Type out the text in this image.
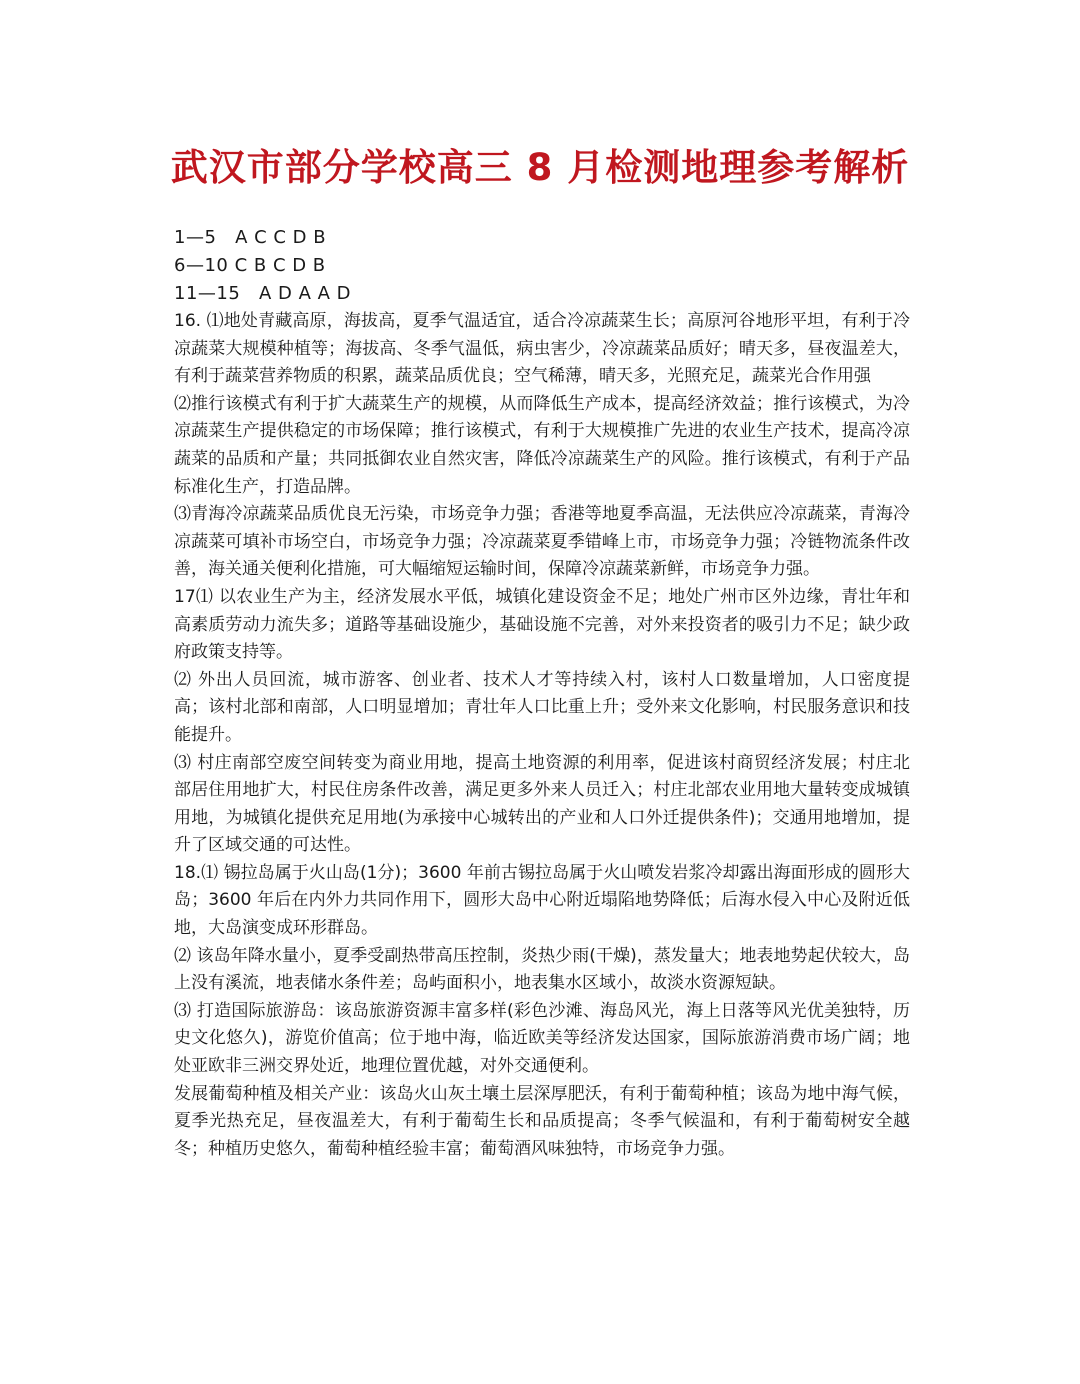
武汉市部分学校高三 8 月检测地理参考解析
1—5   A C C D B
6—10 C B C D B
11—15   A D A A D

16. ⑴地处青藏高原，海拔高，夏季气温适宜，适合冷凉蔬菜生长；高原河谷地形平坦，有利于冷凉蔬菜大规模种植等；海拔高、冬季气温低，病虫害少，冷凉蔬菜品质好；晴天多，昼夜温差大，有利于蔬菜营养物质的积累，蔬菜品质优良；空气稀薄，晴天多，光照充足，蔬菜光合作用强

⑵推行该模式有利于扩大蔬菜生产的规模，从而降低生产成本，提高经济效益；推行该模式，为冷凉蔬菜生产提供稳定的市场保障；推行该模式，有利于大规模推广先进的农业生产技术，提高冷凉蔬菜的品质和产量；共同抵御农业自然灾害，降低冷凉蔬菜生产的风险。推行该模式，有利于产品标准化生产，打造品牌。

⑶青海冷凉蔬菜品质优良无污染，市场竞争力强；香港等地夏季高温，无法供应冷凉蔬菜，青海冷凉蔬菜可填补市场空白，市场竞争力强；冷凉蔬菜夏季错峰上市，市场竞争力强；冷链物流条件改善，海关通关便利化措施，可大幅缩短运输时间，保障冷凉蔬菜新鲜，市场竞争力强。

17⑴ 以农业生产为主，经济发展水平低，城镇化建设资金不足；地处广州市区外边缘，青壮年和高素质劳动力流失多；道路等基础设施少，基础设施不完善，对外来投资者的吸引力不足；缺少政府政策支持等。

⑵ 外出人员回流，城市游客、创业者、技术人才等持续入村，该村人口数量增加，人口密度提高；该村北部和南部，人口明显增加；青壮年人口比重上升；受外来文化影响，村民服务意识和技能提升。

⑶ 村庄南部空废空间转变为商业用地，提高土地资源的利用率，促进该村商贸经济发展；村庄北部居住用地扩大，村民住房条件改善，满足更多外来人员迁入；村庄北部农业用地大量转变成城镇用地，为城镇化提供充足用地(为承接中心城转出的产业和人口外迁提供条件)；交通用地增加，提升了区域交通的可达性。

18.⑴ 锡拉岛属于火山岛(1分)；3600 年前古锡拉岛属于火山喷发岩浆冷却露出海面形成的圆形大岛；3600 年后在内外力共同作用下，圆形大岛中心附近塌陷地势降低；后海水侵入中心及附近低地，大岛演变成环形群岛。

⑵ 该岛年降水量小，夏季受副热带高压控制，炎热少雨(干燥)，蒸发量大；地表地势起伏较大，岛上没有溪流，地表储水条件差；岛屿面积小，地表集水区域小，故淡水资源短缺。

⑶ 打造国际旅游岛：该岛旅游资源丰富多样(彩色沙滩、海岛风光，海上日落等风光优美独特，历史文化悠久)，游览价值高；位于地中海，临近欧美等经济发达国家，国际旅游消费市场广阔；地处亚欧非三洲交界处近，地理位置优越，对外交通便利。

发展葡萄种植及相关产业：该岛火山灰土壤土层深厚肥沃，有利于葡萄种植；该岛为地中海气候，夏季光热充足，昼夜温差大，有利于葡萄生长和品质提高；冬季气候温和，有利于葡萄树安全越冬；种植历史悠久，葡萄种植经验丰富；葡萄酒风味独特，市场竞争力强。
